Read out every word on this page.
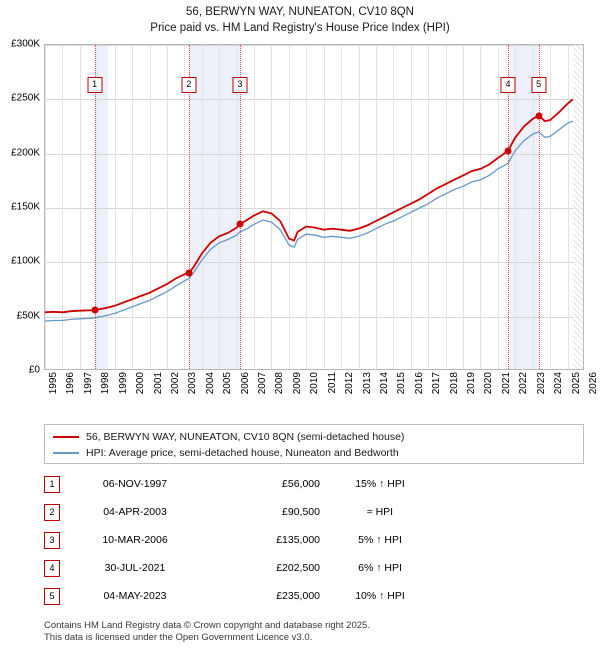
56, BERWYN WAY, NUNEATON, CV10 8QN
Price paid vs. HM Land Registry's House Price Index (HPI)
£0
£50K
£100K
£150K
£200K
£250K
£300K
1	2	3	4	5
1995 1996 1997 1998 1999 2000 2001 2002 2003 2004 2005 2006 2007 2008 2009 2010 2011 2012 2013 2014 2015 2016 2017 2018 2019 2020 2021 2022 2023 2024 2025 2026
56, BERWYN WAY, NUNEATON, CV10 8QN (semi-detached house)
HPI: Average price, semi-detached house, Nuneaton and Bedworth
1	06-NOV-1997	£56,000	15% ↑ HPI
2	04-APR-2003	£90,500	≈ HPI
3	10-MAR-2006	£135,000	5% ↑ HPI
4	30-JUL-2021	£202,500	6% ↑ HPI
5	04-MAY-2023	£235,000	10% ↑ HPI
Contains HM Land Registry data © Crown copyright and database right 2025.
This data is licensed under the Open Government Licence v3.0.
